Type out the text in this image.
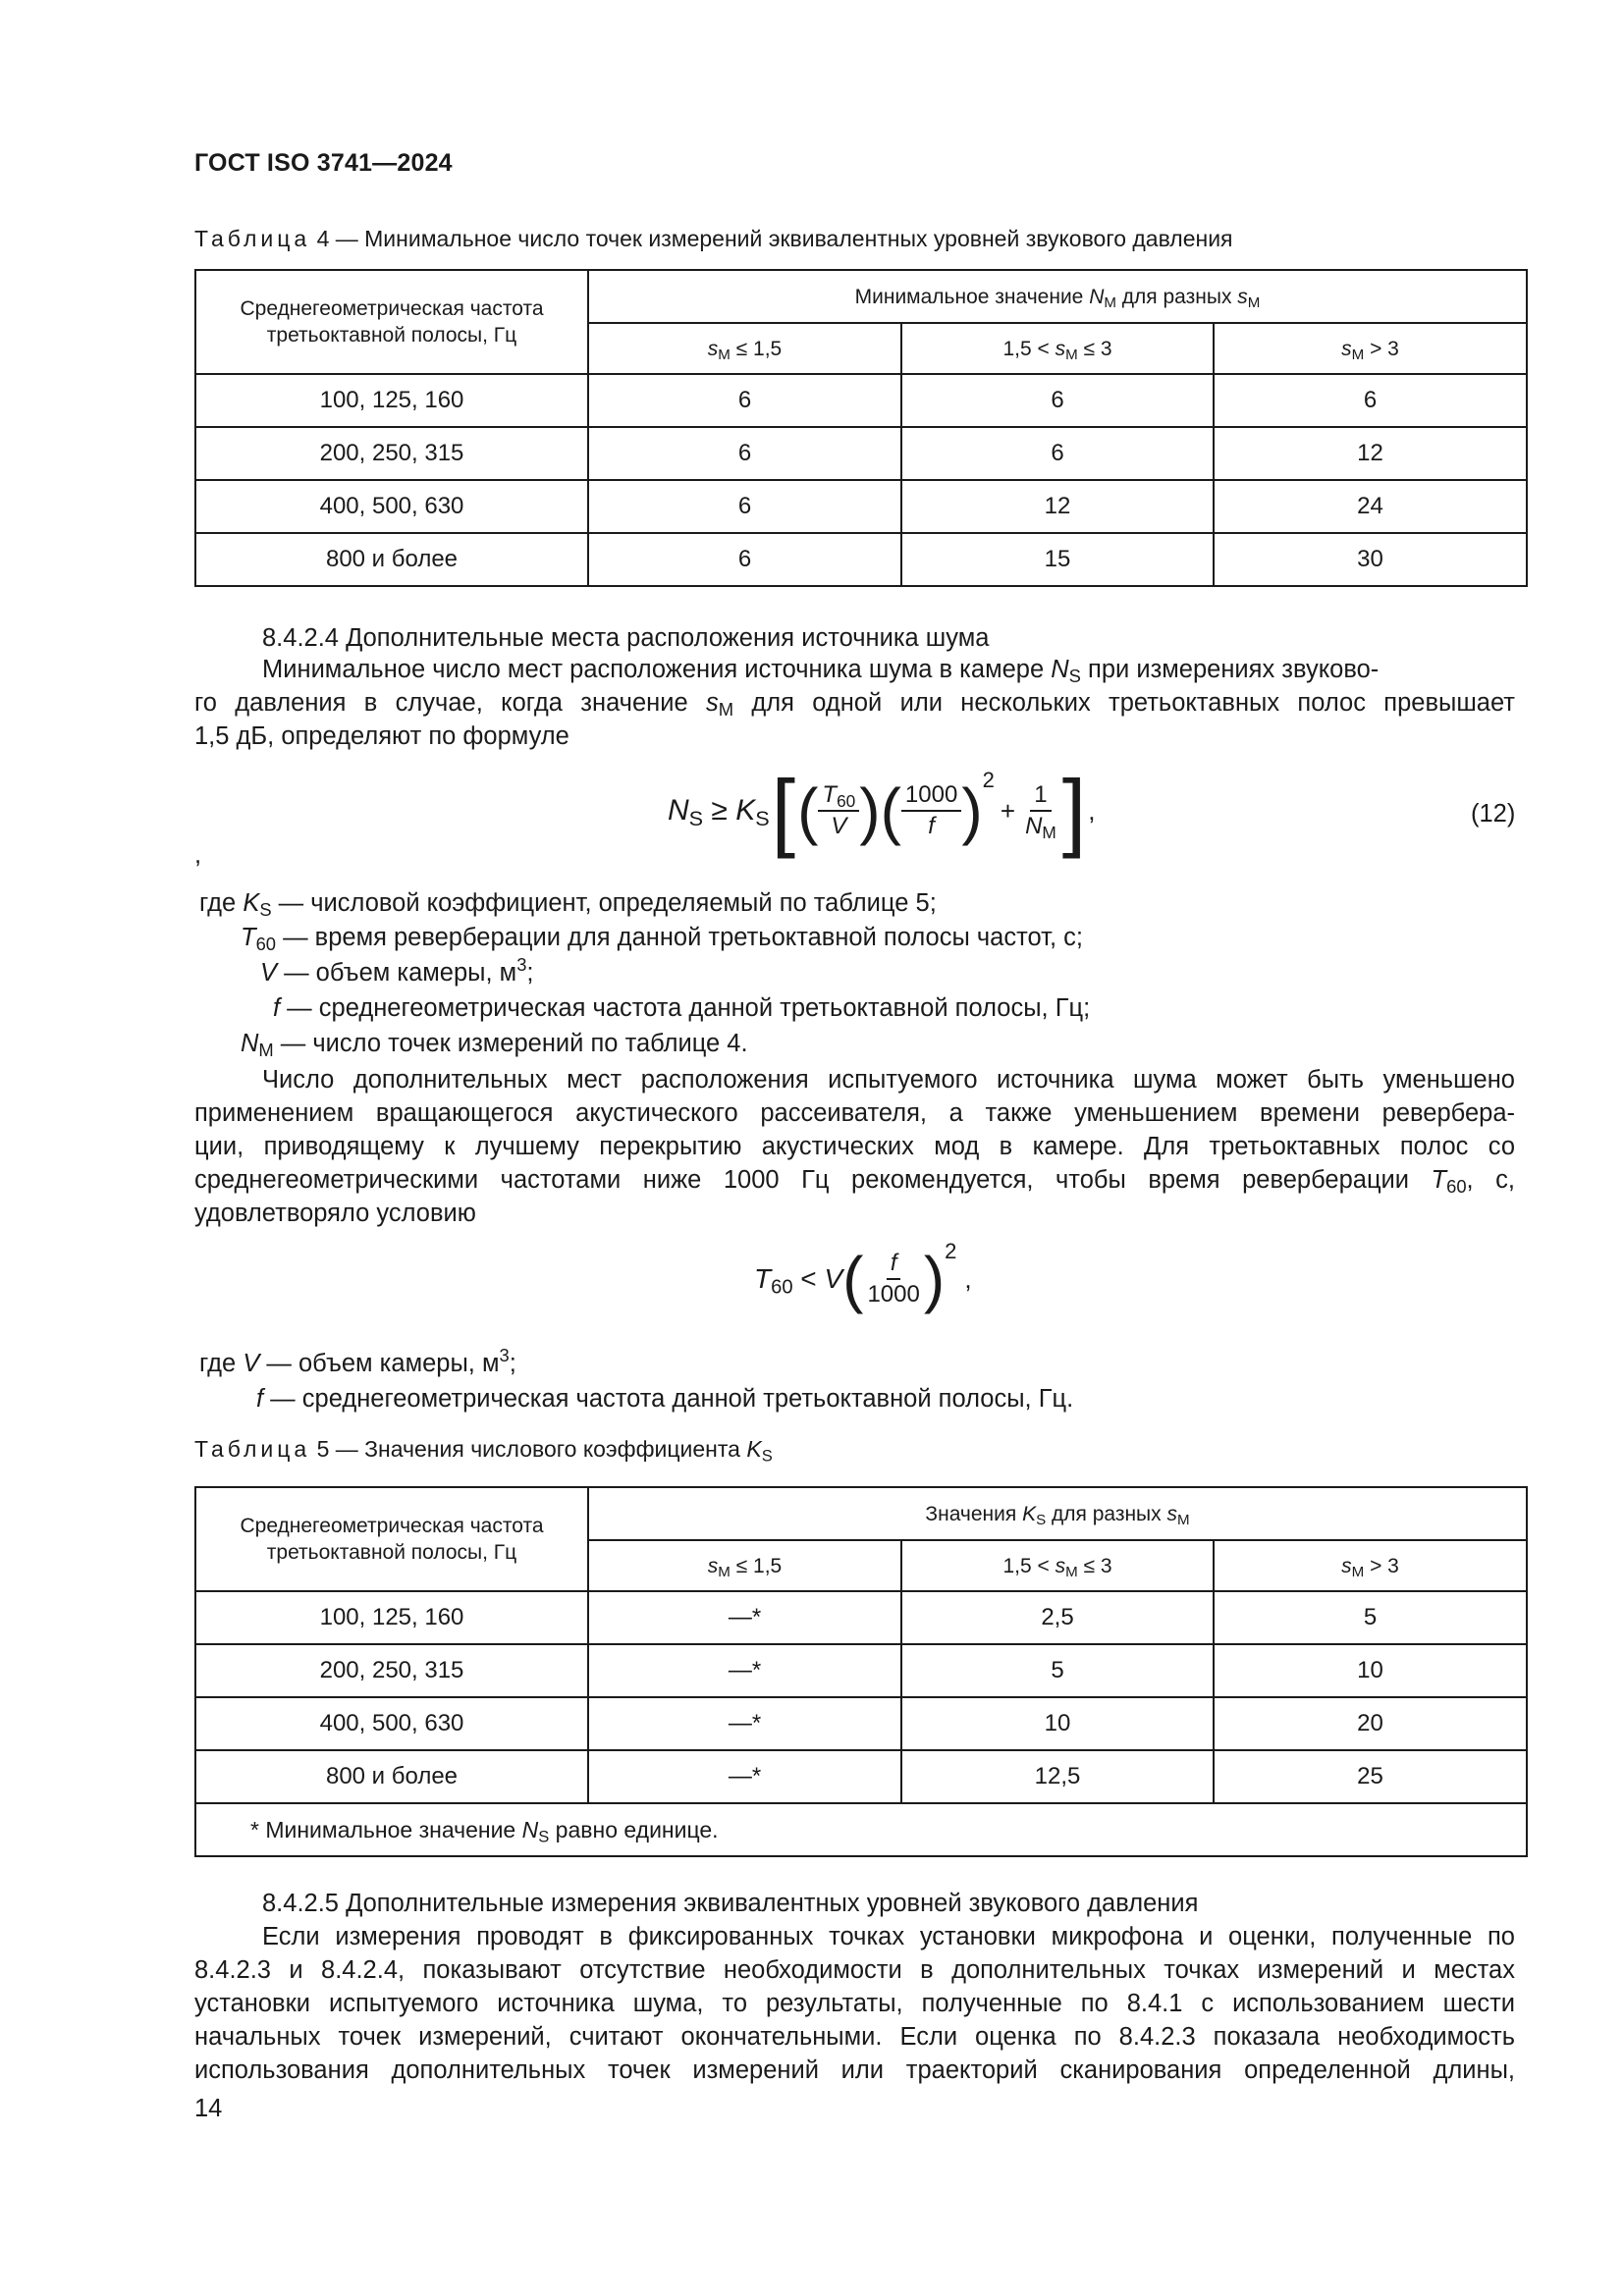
ГОСТ ISO 3741—2024
Таблица 4 — Минимальное число точек измерений эквивалентных уровней звукового давления
Среднегеометрическая частота третьоктавной полосы, Гц	Минимальное значение $N_M$ для разных $s_M$
	$s_M \le 1,5$	$1,5 < s_M \le 3$	$s_M > 3$
100, 125, 160	6	6	6
200, 250, 315	6	6	12
400, 500, 630	6	12	24
800 и более	6	15	30
8.4.2.4 Дополнительные места расположения источника шума
Минимальное число мест расположения источника шума в камере $N_S$ при измерениях звуково-
го давления в случае, когда значение $s_M$ для одной или нескольких третьоктавных полос превышает
1,5 дБ, определяют по формуле
$N_S \ge K_S$ [ ( $\frac{T_{60}}{V}$ ) ( $\frac{1000}{f}$ ) 2
+ $\frac{1}{N_M}$ ] ,	(12)
,
где $K_S$ — числовой коэффициент, определяемый по таблице 5;
$T_{60}$ — время реверберации для данной третьоктавной полосы частот, с;
V — объем камеры, $м^3$;
f — среднегеометрическая частота данной третьоктавной полосы, Гц;
$N_M$ — число точек измерений по таблице 4.
Число дополнительных мест расположения испытуемого источника шума может быть уменьшено
применением вращающегося акустического рассеивателя, а также уменьшением времени ревербера-
ции, приводящему к лучшему перекрытию акустических мод в камере. Для третьоктавных полос со
среднегеометрическими частотами ниже 1000 Гц рекомендуется, чтобы время реверберации $T_{60}$, с,
удовлетворяло условию
$T_{60} < V$ ( $\frac{f}{1000}$ ) 2
,
где V — объем камеры, $м^3$;
f — среднегеометрическая частота данной третьоктавной полосы, Гц.
Таблица 5 — Значения числового коэффициента $K_S$
Среднегеометрическая частота третьоктавной полосы, Гц	Значения $K_S$ для разных $s_M$
	$s_M \le 1,5$	$1,5 < s_M \le 3$	$s_M > 3$
100, 125, 160	—*	2,5	5
200, 250, 315	—*	5	10
400, 500, 630	—*	10	20
800 и более	—*	12,5	25
* Минимальное значение $N_S$ равно единице.			
8.4.2.5 Дополнительные измерения эквивалентных уровней звукового давления
Если измерения проводят в фиксированных точках установки микрофона и оценки, полученные по
8.4.2.3 и 8.4.2.4, показывают отсутствие необходимости в дополнительных точках измерений и местах
установки испытуемого источника шума, то результаты, полученные по 8.4.1 с использованием шести
начальных точек измерений, считают окончательными. Если оценка по 8.4.2.3 показала необходимость
использования дополнительных точек измерений или траекторий сканирования определенной длины,
14
